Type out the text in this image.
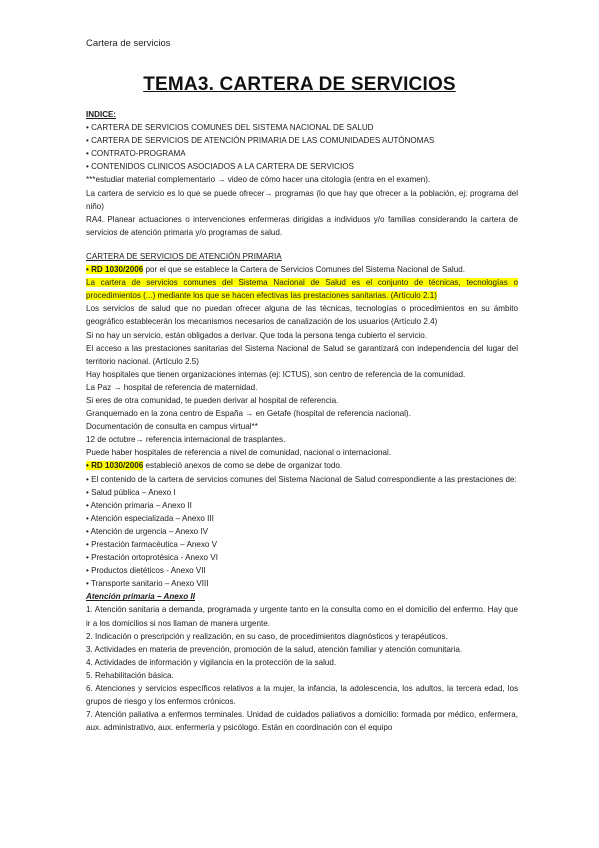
Cartera de servicios
TEMA3. CARTERA DE SERVICIOS
INDICE:
• CARTERA DE SERVICIOS COMUNES DEL SISTEMA NACIONAL DE SALUD
• CARTERA DE SERVICIOS DE ATENCIÓN PRIMARIA DE LAS COMUNIDADES AUTÓNOMAS
• CONTRATO-PROGRAMA
• CONTENIDOS CLINICOS ASOCIADOS A LA CARTERA DE SERVICIOS
***estudiar material complementario → video de cómo hacer una citología (entra en el examen).
La cartera de servicio es lo que se puede ofrecer→ programas (lo que hay que ofrecer a la población, ej: programa del niño)
RA4. Planear actuaciones o intervenciones enfermeras dirigidas a individuos y/o familias considerando la cartera de servicios de atención primaria y/o programas de salud.
CARTERA DE SERVICIOS DE ATENCIÓN PRIMARIA
• RD 1030/2006 por el que se establece la Cartera de Servicios Comunes del Sistema Nacional de Salud.
La cartera de servicios comunes del Sistema Nacional de Salud es el conjunto de técnicas, tecnologías o procedimientos (...) mediante los que se hacen efectivas las prestaciones sanitarias. (Artículo 2.1)
Los servicios de salud que no puedan ofrecer alguna de las técnicas, tecnologías o procedimientos en su ámbito geográfico establecerán los mecanismos necesarios de canalización de los usuarios (Artículo 2.4)
Si no hay un servicio, están obligados a derivar. Que toda la persona tenga cubierto el servicio.
El acceso a las prestaciones sanitarias del Sistema Nacional de Salud se garantizará con independencia del lugar del territorio nacional. (Artículo 2.5)
Hay hospitales que tienen organizaciones internas (ej: ICTUS), son centro de referencia de la comunidad.
La Paz → hospital de referencia de maternidad.
Si eres de otra comunidad, te pueden derivar al hospital de referencia.
Granquemado en la zona centro de España → en Getafe (hospital de referencia nacional).
Documentación de consulta en campus virtual**
12 de octubre→ referencia internacional de trasplantes.
Puede haber hospitales de referencia a nivel de comunidad, nacional o internacional.
• RD 1030/2006 estableció anexos de como se debe de organizar todo.
• El contenido de la cartera de servicios comunes del Sistema Nacional de Salud correspondiente a las prestaciones de:
• Salud pública – Anexo I
• Atención primaria – Anexo II
• Atención especializada – Anexo III
• Atención de urgencia – Anexo IV
• Prestación farmacéutica – Anexo V
• Prestación ortoprotésica - Anexo VI
• Productos dietéticos - Anexo VII
• Transporte sanitario – Anexo VIII
Atención primaria – Anexo II
1. Atención sanitaria a demanda, programada y urgente tanto en la consulta como en el domicilio del enfermo. Hay que ir a los domicilios si nos llaman de manera urgente.
2. Indicación o prescripción y realización, en su caso, de procedimientos diagnósticos y terapéuticos.
3. Actividades en materia de prevención, promoción de la salud, atención familiar y atención comunitaria.
4. Actividades de información y vigilancia en la protección de la salud.
5. Rehabilitación básica.
6. Atenciones y servicios específicos relativos a la mujer, la infancia, la adolescencia, los adultos, la tercera edad, los grupos de riesgo y los enfermos crónicos.
7. Atención paliativa a enfermos terminales. Unidad de cuidados paliativos a domicilio: formada por médico, enfermera, aux. administrativo, aux. enfermería y psicólogo. Están en coordinación con el equipo
